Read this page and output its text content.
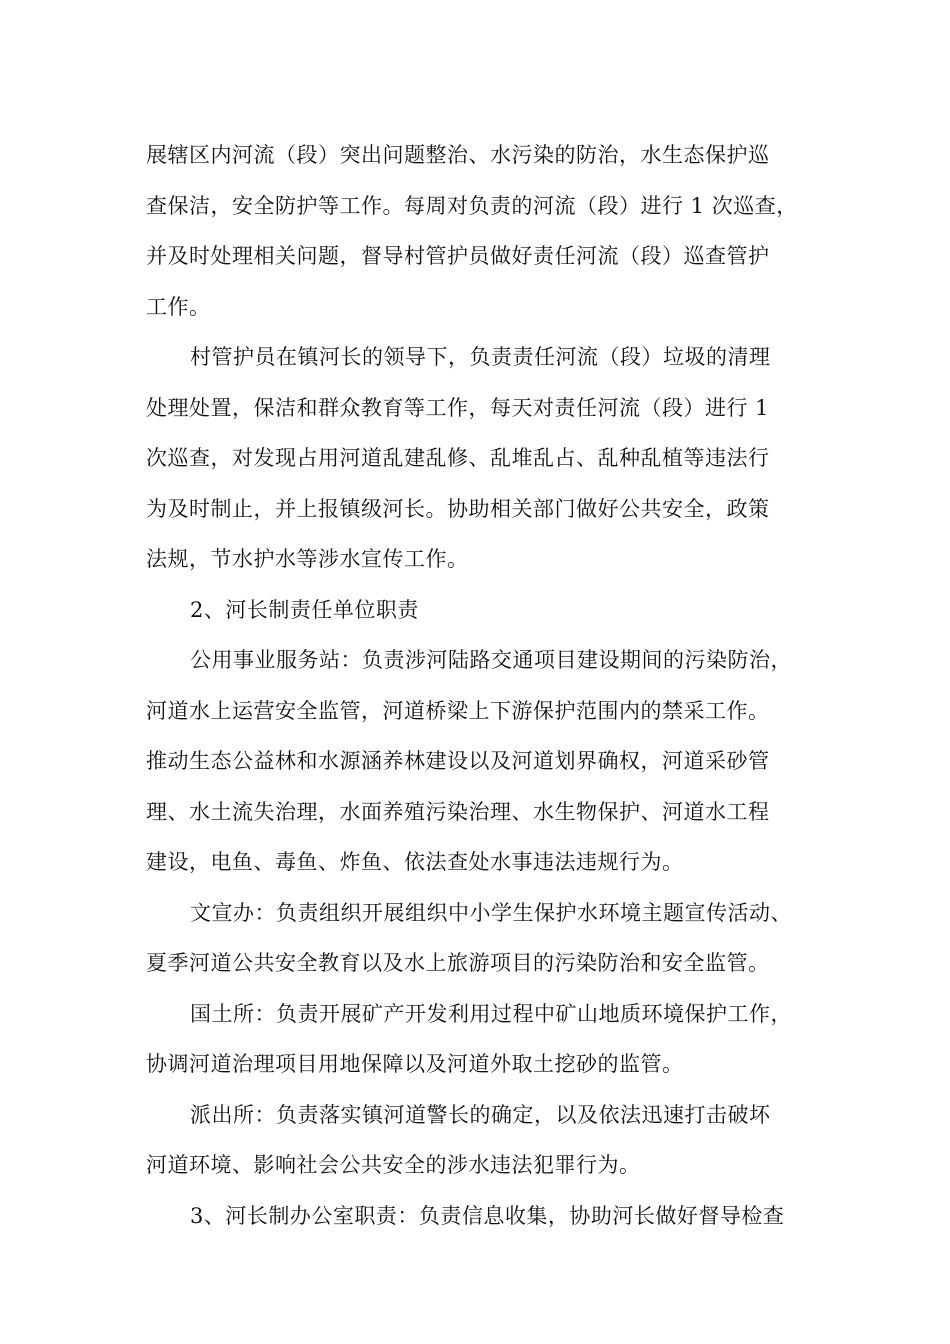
展辖区内河流（段）突出问题整治、水污染的防治，水生态保护巡
查保洁，安全防护等工作。每周对负责的河流（段）进行 1 次巡查，
并及时处理相关问题，督导村管护员做好责任河流（段）巡查管护
工作。
村管护员在镇河长的领导下，负责责任河流（段）垃圾的清理
处理处置，保洁和群众教育等工作，每天对责任河流（段）进行 1
次巡查，对发现占用河道乱建乱修、乱堆乱占、乱种乱植等违法行
为及时制止，并上报镇级河长。协助相关部门做好公共安全，政策
法规，节水护水等涉水宣传工作。
2、河长制责任单位职责
公用事业服务站：负责涉河陆路交通项目建设期间的污染防治，
河道水上运营安全监管，河道桥梁上下游保护范围内的禁采工作。
推动生态公益林和水源涵养林建设以及河道划界确权，河道采砂管
理、水土流失治理，水面养殖污染治理、水生物保护、河道水工程
建设，电鱼、毒鱼、炸鱼、依法查处水事违法违规行为。
文宣办：负责组织开展组织中小学生保护水环境主题宣传活动、
夏季河道公共安全教育以及水上旅游项目的污染防治和安全监管。
国土所：负责开展矿产开发利用过程中矿山地质环境保护工作，
协调河道治理项目用地保障以及河道外取土挖砂的监管。
派出所：负责落实镇河道警长的确定，以及依法迅速打击破坏
河道环境、影响社会公共安全的涉水违法犯罪行为。
3、河长制办公室职责：负责信息收集，协助河长做好督导检查
